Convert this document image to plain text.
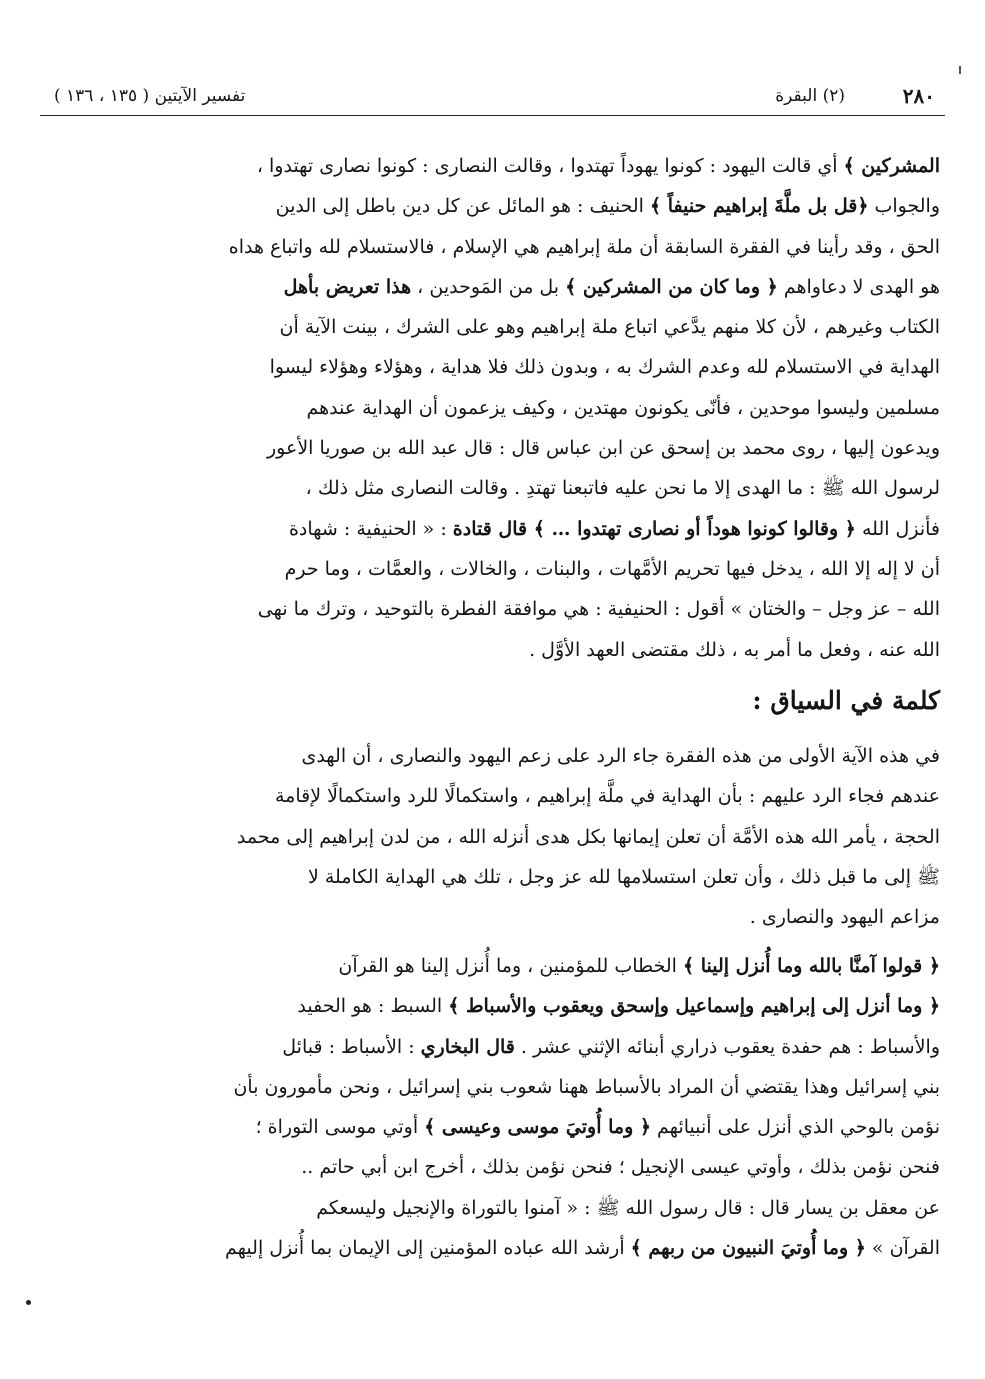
٢٨٠
(٢) البقرة
تفسير الآيتين ( ١٣٥ ، ١٣٦ )
المشركين ﴾ أي قالت اليهود : كونوا يهوداً تهتدوا ، وقالت النصارى : كونوا نصارى تهتدوا ،
والجواب ﴿قل بل ملَّةَ إبراهيم حنيفاً ﴾ الحنيف : هو المائل عن كل دين باطل إلى الدين
الحق ، وقد رأينا في الفقرة السابقة أن ملة إبراهيم هي الإسلام ، فالاستسلام لله واتباع هداه
هو الهدى لا دعاواهم ﴿ وما كان من المشركين ﴾ بل من المَوحدين ، هذا تعريض بأهل
الكتاب وغيرهم ، لأن كلا منهم يدَّعي اتباع ملة إبراهيم وهو على الشرك ، بينت الآية أن
الهداية في الاستسلام لله وعدم الشرك به ، وبدون ذلك فلا هداية ، وهؤلاء وهؤلاء ليسوا
مسلمين وليسوا موحدين ، فأنّى يكونون مهتدين ، وكيف يزعمون أن الهداية عندهم
ويدعون إليها ، روى محمد بن إسحق عن ابن عباس قال : قال عبد الله بن صوريا الأعور
لرسول الله ﷺ : ما الهدى إلا ما نحن عليه فاتبعنا تهتدِ . وقالت النصارى مثل ذلك ،
فأنزل الله ﴿ وقالوا كونوا هوداً أو نصارى تهتدوا … ﴾ قال قتادة : « الحنيفية : شهادة
أن لا إله إلا الله ، يدخل فيها تحريم الأمَّهات ، والبنات ، والخالات ، والعمَّات ، وما حرم
الله – عز وجل – والختان » أقول : الحنيفية : هي موافقة الفطرة بالتوحيد ، وترك ما نهى
الله عنه ، وفعل ما أمر به ، ذلك مقتضى العهد الأوَّل .
كلمة في السياق :
في هذه الآية الأولى من هذه الفقرة جاء الرد على زعم اليهود والنصارى ، أن الهدى
عندهم فجاء الرد عليهم : بأن الهداية في ملَّة إبراهيم ، واستكمالًا للرد واستكمالًا لإقامة
الحجة ، يأمر الله هذه الأمَّة أن تعلن إيمانها بكل هدى أنزله الله ، من لدن إبراهيم إلى محمد
ﷺ إلى ما قبل ذلك ، وأن تعلن استسلامها لله عز وجل ، تلك هي الهداية الكاملة لا
مزاعم اليهود والنصارى .
﴿ قولوا آمنَّا بالله وما أُنزل إلينا ﴾ الخطاب للمؤمنين ، وما أُنزل إلينا هو القرآن
﴿ وما أنزل إلى إبراهيم وإسماعيل وإسحق ويعقوب والأسباط ﴾ السبط : هو الحفيد
والأسباط : هم حفدة يعقوب ذراري أبنائه الإثني عشر . قال البخاري : الأسباط : قبائل
بني إسرائيل وهذا يقتضي أن المراد بالأسباط ههنا شعوب بني إسرائيل ، ونحن مأمورون بأن
نؤمن بالوحي الذي أنزل على أنبيائهم ﴿ وما أُوتيَ موسى وعيسى ﴾ أوتي موسى التوراة ؛
فنحن نؤمن بذلك ، وأوتي عيسى الإنجيل ؛ فنحن نؤمن بذلك ، أخرج ابن أبي حاتم ..
عن معقل بن يسار قال : قال رسول الله ﷺ : « آمنوا بالتوراة والإنجيل وليسعكم
القرآن » ﴿ وما أُوتيَ النبيون من ربهم ﴾ أرشد الله عباده المؤمنين إلى الإيمان بما أُنزل إليهم
